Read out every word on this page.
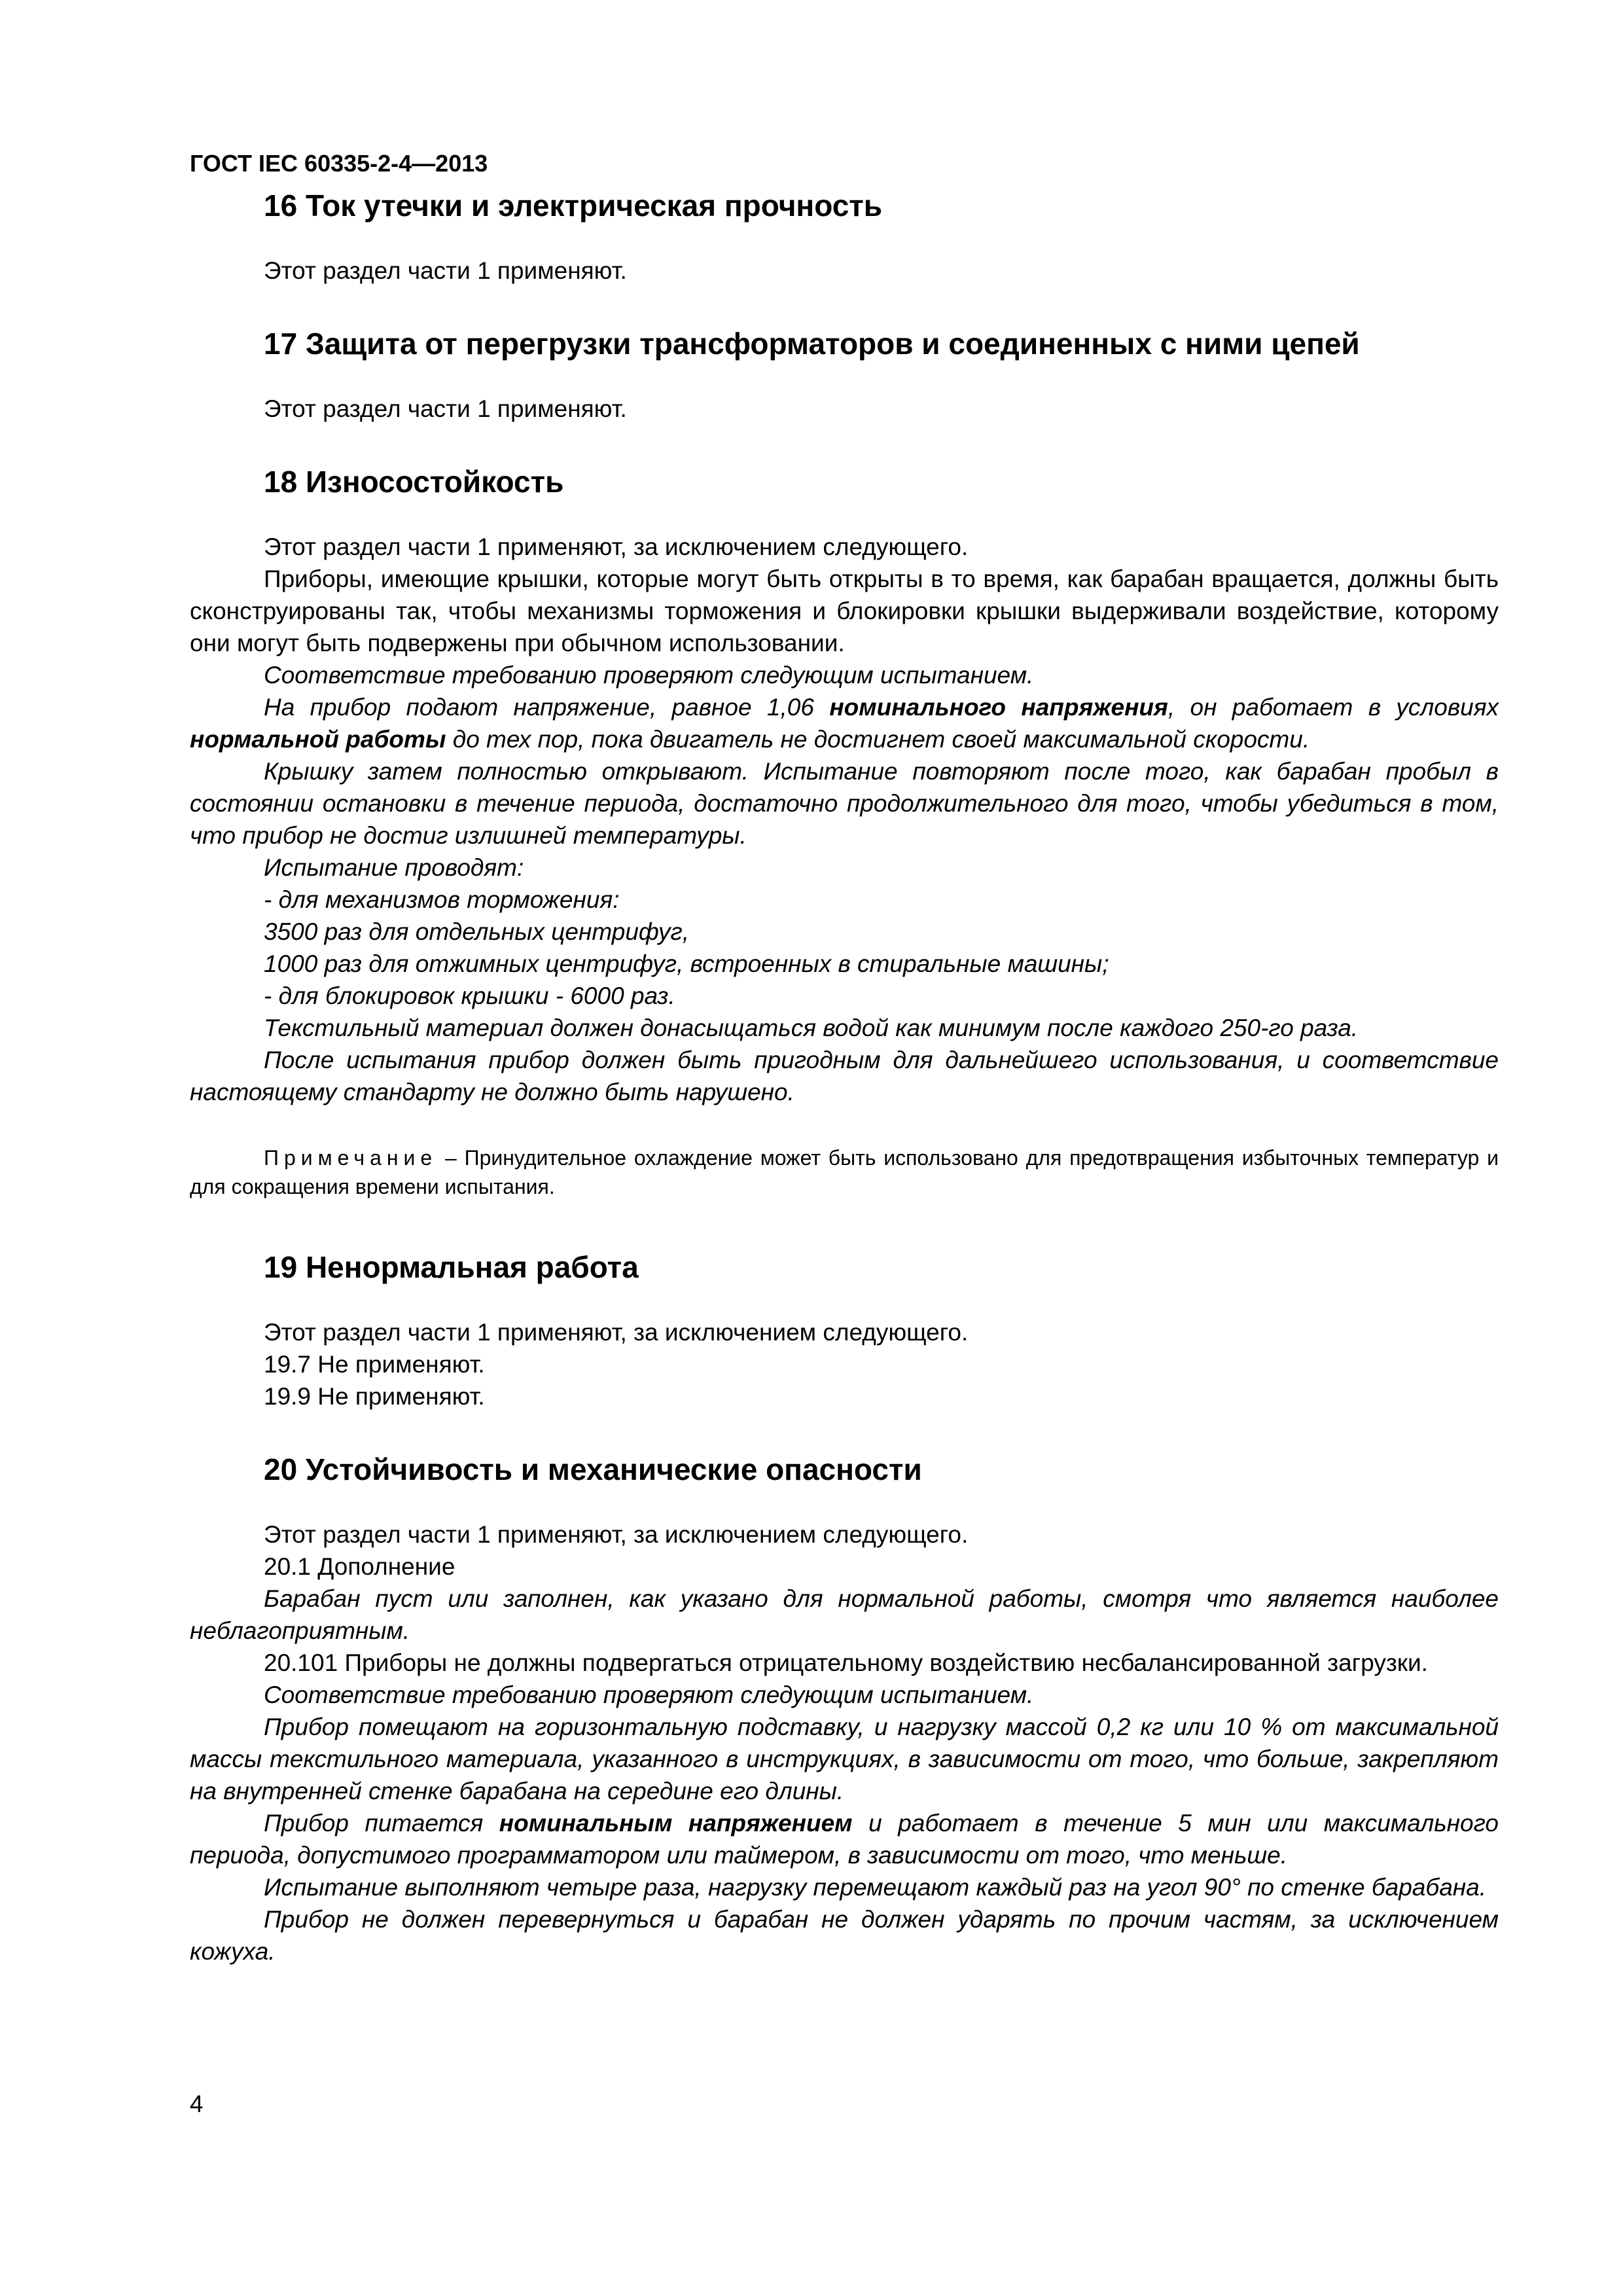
ГОСТ IEC 60335-2-4—2013
16 Ток утечки и электрическая прочность

Этот раздел части 1 применяют.

17 Защита от перегрузки трансформаторов и соединенных с ними цепей

Этот раздел части 1 применяют.

18 Износостойкость

Этот раздел части 1 применяют, за исключением следующего.

Приборы, имеющие крышки, которые могут быть открыты в то время, как барабан вращается, должны быть сконструированы так, чтобы механизмы торможения и блокировки крышки выдерживали воздействие, которому они могут быть подвержены при обычном использовании.

Соответствие требованию проверяют следующим испытанием.

На прибор подают напряжение, равное 1,06 номинального напряжения, он работает в условиях нормальной работы до тех пор, пока двигатель не достигнет своей максимальной скорости.

Крышку затем полностью открывают. Испытание повторяют после того, как барабан пробыл в состоянии остановки в течение периода, достаточно продолжительного для того, чтобы убедиться в том, что прибор не достиг излишней температуры.

Испытание проводят:

- для механизмов торможения:

3500 раз для отдельных центрифуг,

1000 раз для отжимных центрифуг, встроенных в стиральные машины;

- для блокировок крышки - 6000 раз.

Текстильный материал должен донасыщаться водой как минимум после каждого 250-го раза.

После испытания прибор должен быть пригодным для дальнейшего использования, и соответствие настоящему стандарту не должно быть нарушено.

Примечание – Принудительное охлаждение может быть использовано для предотвращения избыточных температур и для сокращения времени испытания.

19 Ненормальная работа

Этот раздел части 1 применяют, за исключением следующего.

19.7 Не применяют.

19.9 Не применяют.

20 Устойчивость и механические опасности

Этот раздел части 1 применяют, за исключением следующего.

20.1 Дополнение

Барабан пуст или заполнен, как указано для нормальной работы, смотря что является наиболее неблагоприятным.

20.101 Приборы не должны подвергаться отрицательному воздействию несбалансированной загрузки.

Соответствие требованию проверяют следующим испытанием.

Прибор помещают на горизонтальную подставку, и нагрузку массой 0,2 кг или 10 % от максимальной массы текстильного материала, указанного в инструкциях, в зависимости от того, что больше, закрепляют на внутренней стенке барабана на середине его длины.

Прибор питается номинальным напряжением и работает в течение 5 мин или максимального периода, допустимого программатором или таймером, в зависимости от того, что меньше.

Испытание выполняют четыре раза, нагрузку перемещают каждый раз на угол 90° по стенке барабана.

Прибор не должен перевернуться и барабан не должен ударять по прочим частям, за исключением кожуха.

4
